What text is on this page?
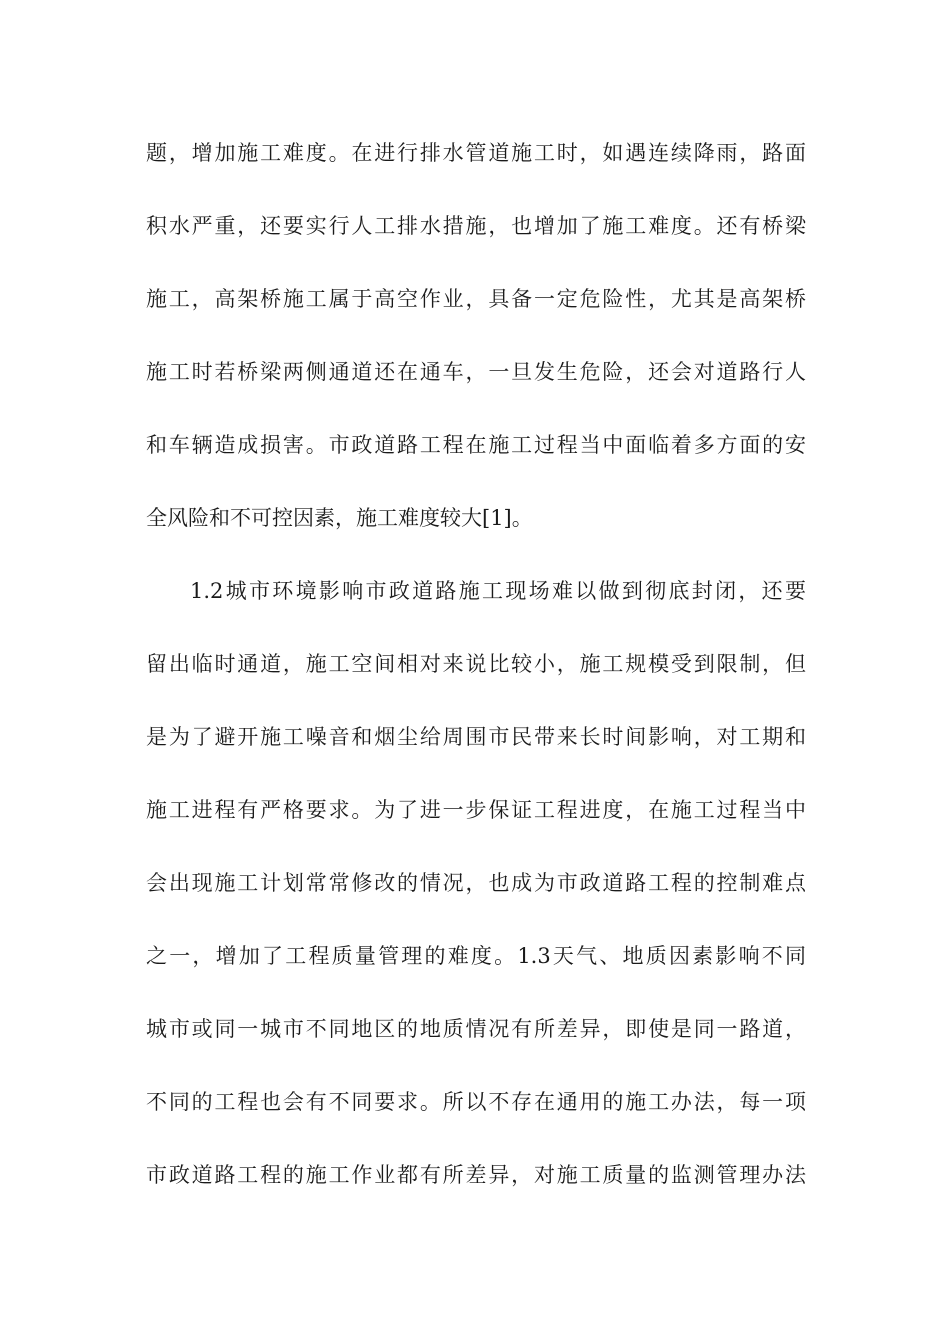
题，增加施工难度。在进行排水管道施工时，如遇连续降雨，路面
积水严重，还要实行人工排水措施，也增加了施工难度。还有桥梁
施工，高架桥施工属于高空作业，具备一定危险性，尤其是高架桥
施工时若桥梁两侧通道还在通车，一旦发生危险，还会对道路行人
和车辆造成损害。市政道路工程在施工过程当中面临着多方面的安
全风险和不可控因素，施工难度较大[1]。
1.2城市环境影响市政道路施工现场难以做到彻底封闭，还要
留出临时通道，施工空间相对来说比较小，施工规模受到限制，但
是为了避开施工噪音和烟尘给周围市民带来长时间影响，对工期和
施工进程有严格要求。为了进一步保证工程进度，在施工过程当中
会出现施工计划常常修改的情况，也成为市政道路工程的控制难点
之一，增加了工程质量管理的难度。1.3天气、地质因素影响不同
城市或同一城市不同地区的地质情况有所差异，即使是同一路道，
不同的工程也会有不同要求。所以不存在通用的施工办法，每一项
市政道路工程的施工作业都有所差异，对施工质量的监测管理办法
